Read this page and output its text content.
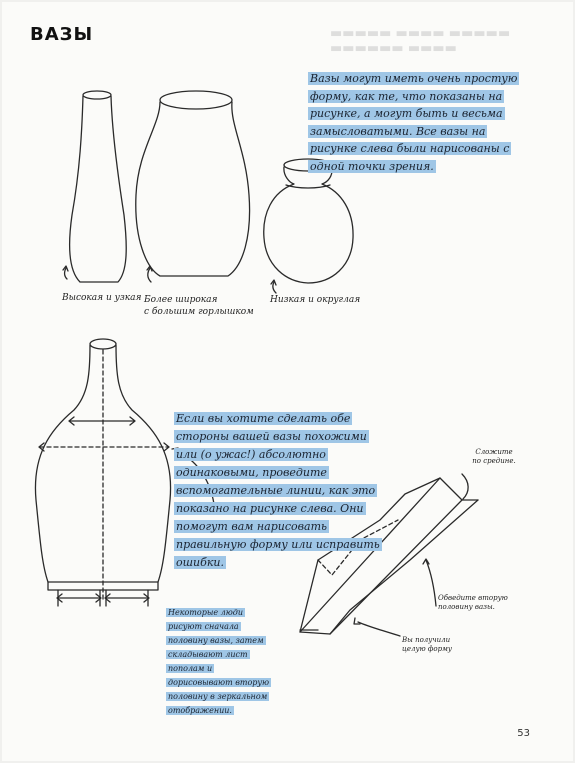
ВАЗЫ	▬▬▬▬▬ ▬▬▬▬ ▬▬▬▬▬
▬▬▬▬▬▬ ▬▬▬▬
Вазы могут иметь очень простую форму, как те, что показаны на рисунке, а могут быть и весьма замысловатыми. Все вазы на рисунке слева были нарисованы с одной точки зрения.
Высокая и узкая Более широкая
с большим горлышком
Низкая и округлая
Если вы хотите сделать обе стороны вашей вазы похожими или (о ужас!) абсолютно одинаковыми, проведите вспомогательные линии, как это показано на рисунке слева. Они помогут вам нарисовать правильную форму или исправить ошибки.
Сложите
по средине.
Обведите вторую
половину вазы.
Вы получили
целую форму
Некоторые люди рисуют сначала половину вазы, затем складывают лист пополам и дорисовывают вторую половину в зеркальном отображении.
53
